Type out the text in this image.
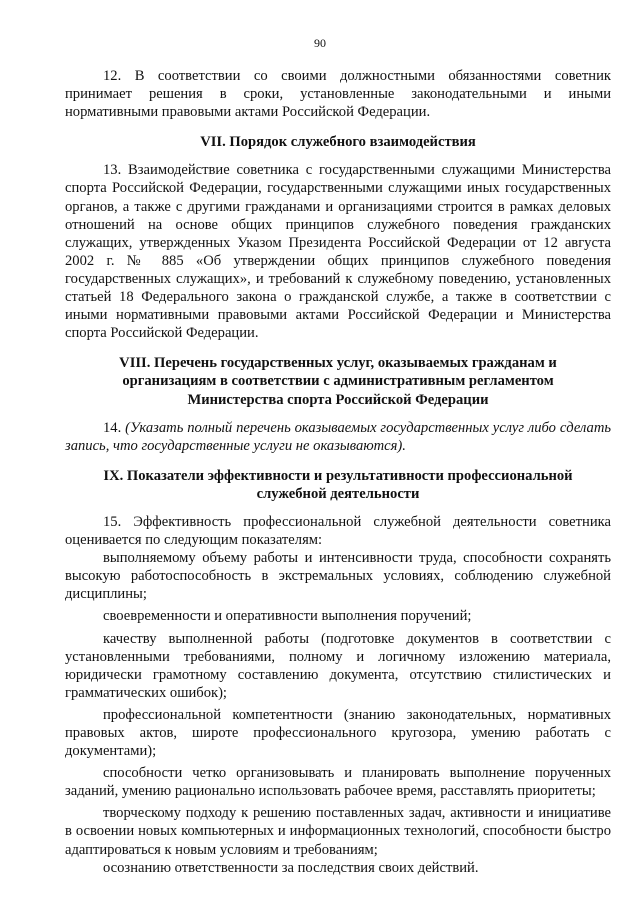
90

12. В соответствии со своими должностными обязанностями советник принимает решения в сроки, установленные законодательными и иными нормативными правовыми актами Российской Федерации.

VII. Порядок служебного взаимодействия

13. Взаимодействие советника с государственными служащими Министерства спорта Российской Федерации, государственными служащими иных государственных органов, а также с другими гражданами и организациями строится в рамках деловых отношений на основе общих принципов служебного поведения гражданских служащих, утвержденных Указом Президента Российской Федерации от 12 августа 2002 г. № 885 «Об утверждении общих принципов служебного поведения государственных служащих», и требований к служебному поведению, установленных статьей 18 Федерального закона о гражданской службе, а также в соответствии с иными нормативными правовыми актами Российской Федерации и Министерства спорта Российской Федерации.

VIII. Перечень государственных услуг, оказываемых гражданам и
организациям в соответствии с административным регламентом
Министерства спорта Российской Федерации

14. (Указать полный перечень оказываемых государственных услуг либо сделать запись, что государственные услуги не оказываются).

IX. Показатели эффективности и результативности профессиональной
служебной деятельности

15. Эффективность профессиональной служебной деятельности советника оценивается по следующим показателям:

выполняемому объему работы и интенсивности труда, способности сохранять высокую работоспособность в экстремальных условиях, соблюдению служебной дисциплины;

своевременности и оперативности выполнения поручений;

качеству выполненной работы (подготовке документов в соответствии с установленными требованиями, полному и логичному изложению материала, юридически грамотному составлению документа, отсутствию стилистических и грамматических ошибок);

профессиональной компетентности (знанию законодательных, нормативных правовых актов, широте профессионального кругозора, умению работать с документами);

способности четко организовывать и планировать выполнение порученных заданий, умению рационально использовать рабочее время, расставлять приоритеты;

творческому подходу к решению поставленных задач, активности и инициативе в освоении новых компьютерных и информационных технологий, способности быстро адаптироваться к новым условиям и требованиям;

осознанию ответственности за последствия своих действий.
